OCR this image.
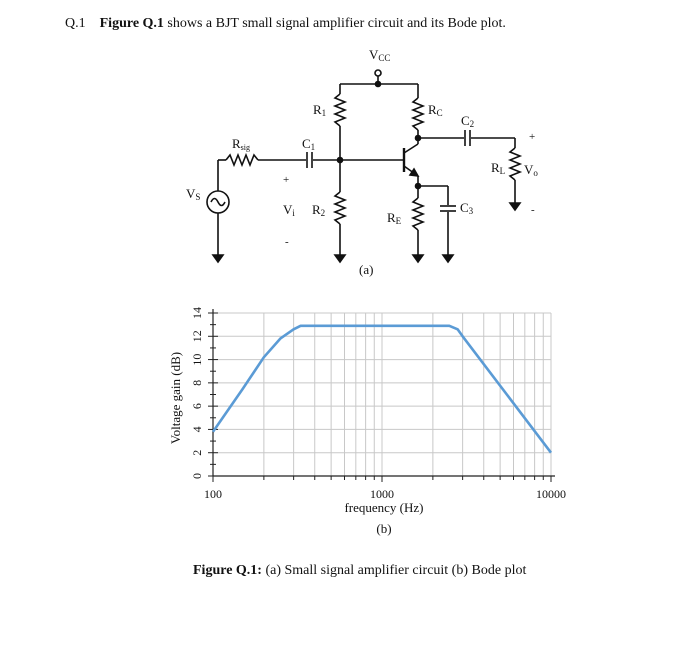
Q.1 Figure Q.1 shows a BJT small signal amplifier circuit and its Bode plot.
VCC
R1	RC C2
Rsig	C1
RL Vo
VS
Vi R2	RE
C3
+
-
+
-
(a)
0
2
4
6
8
10
12
14
100	1000	10000
Voltage gain (dB)
frequency (Hz)
(b)
Figure Q.1: (a) Small signal amplifier circuit (b) Bode plot
